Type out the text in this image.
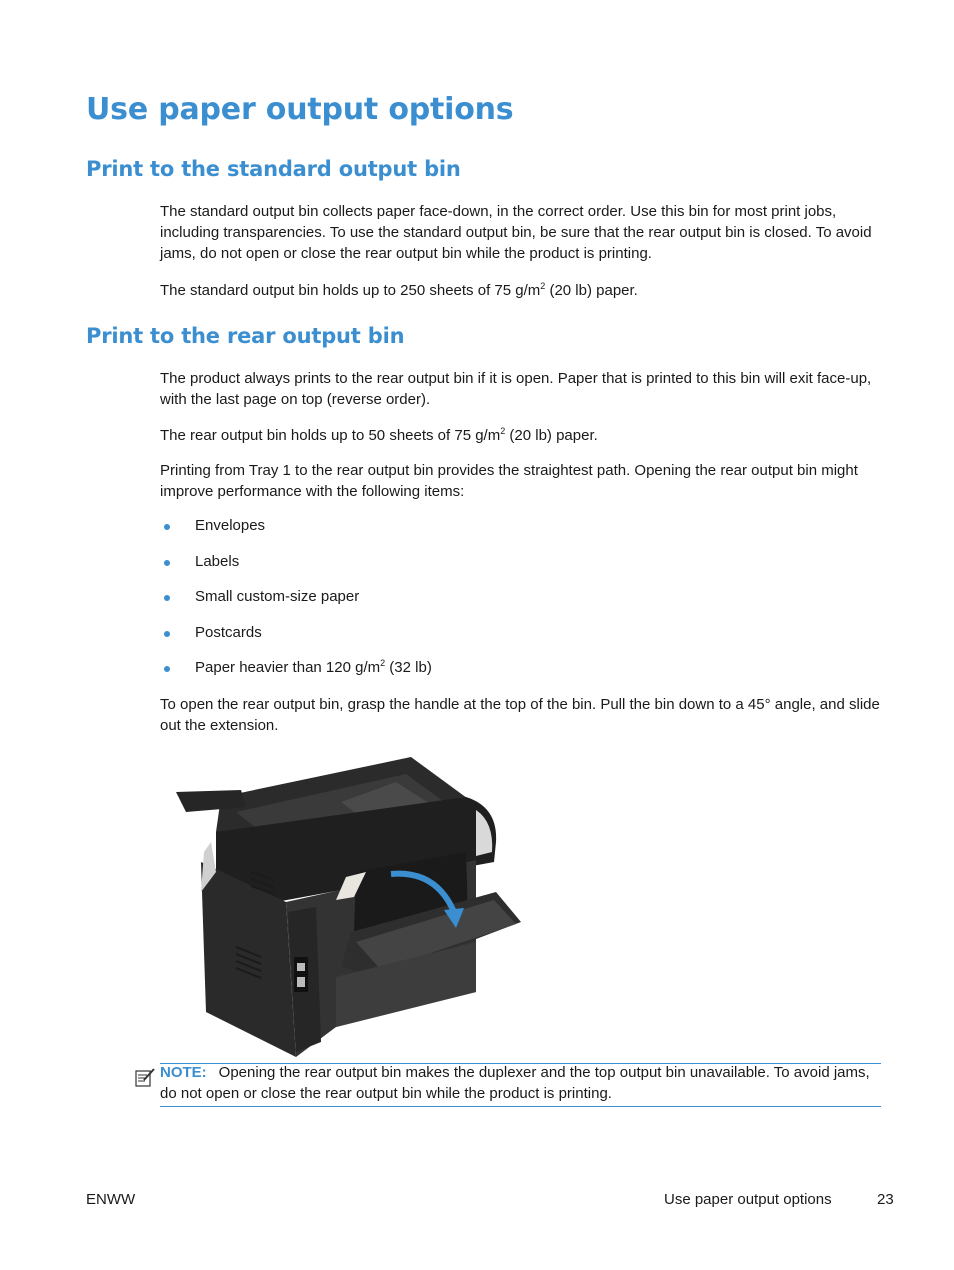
Use paper output options
Print to the standard output bin

The standard output bin collects paper face-down, in the correct order. Use this bin for most print jobs, including transparencies. To use the standard output bin, be sure that the rear output bin is closed. To avoid jams, do not open or close the rear output bin while the product is printing.

The standard output bin holds up to 250 sheets of 75 $g/m^2$ (20 lb) paper.

Print to the rear output bin

The product always prints to the rear output bin if it is open. Paper that is printed to this bin will exit face-up, with the last page on top (reverse order).

The rear output bin holds up to 50 sheets of 75 $g/m^2$ (20 lb) paper.

Printing from Tray 1 to the rear output bin provides the straightest path. Opening the rear output bin might improve performance with the following items:

Envelopes
Labels
Small custom-size paper
Postcards
Paper heavier than 120 $g/m^2$ (32 lb)

To open the rear output bin, grasp the handle at the top of the bin. Pull the bin down to a 45° angle, and slide out the extension.

NOTE: Opening the rear output bin makes the duplexer and the top output bin unavailable. To avoid jams, do not open or close the rear output bin while the product is printing.

ENWW	Use paper output options	23
